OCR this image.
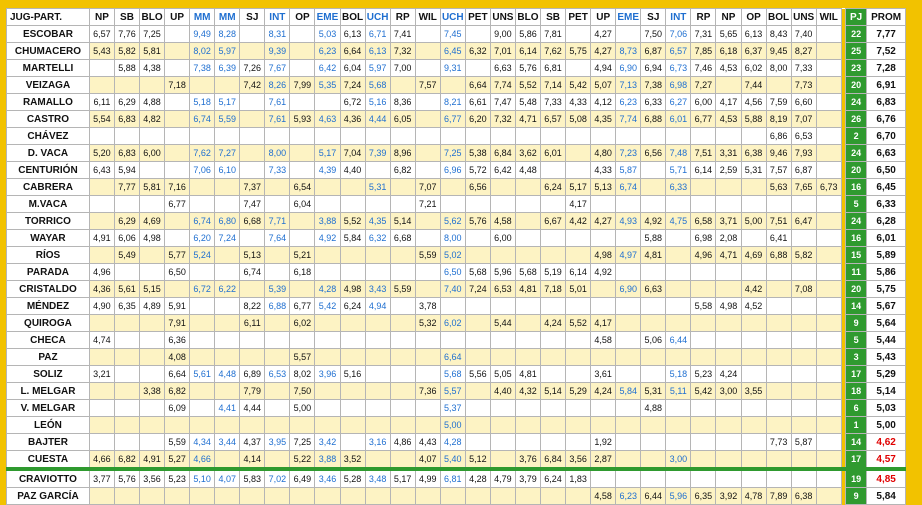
JUG-PART.	NP	SB	BLO	UP	MM	MM	SJ	INT	OP	EME	BOL	UCH	RP	WIL	UCH	PET	UNS	BLO	SB	PET	UP	EME	SJ	INT	RP	NP	OP	BOL	UNS	WIL		PJ	PROM
ESCOBAR	6,57	7,76	7,25		9,49	8,28		8,31		5,03	6,13	6,71	7,41		7,45		9,00	5,86	7,81		4,27		7,50	7,06	7,31	5,65	6,13	8,43	7,40			22	7,77
CHUMACERO	5,43	5,82	5,81		8,02	5,97		9,39		6,23	6,64	6,13	7,32		6,45	6,32	7,01	6,14	7,62	5,75	4,27	8,73	6,87	6,57	7,85	6,18	6,37	9,45	8,27			25	7,52
MARTELLI		5,88	4,38		7,38	6,39	7,26	7,67		6,42	6,04	5,97	7,00		9,31		6,63	5,76	6,81		4,94	6,90	6,94	6,73	7,46	4,53	6,02	8,00	7,33			23	7,28
VEIZAGA				7,18			7,42	8,26	7,99	5,35	7,24	5,68		7,57		6,64	7,74	5,52	7,14	5,42	5,07	7,13	7,38	6,98	7,27		7,44		7,73			20	6,91
RAMALLO	6,11	6,29	4,88		5,18	5,17		7,61			6,72	5,16	8,36		8,21	6,61	7,47	5,48	7,33	4,33	4,12	6,23	6,33	6,27	6,00	4,17	4,56	7,59	6,60			24	6,83
CASTRO	5,54	6,83	4,82		6,74	5,59		7,61	5,93	4,63	4,36	4,44	6,05		6,77	6,20	7,32	4,71	6,57	5,08	4,35	7,74	6,88	6,01	6,77	4,53	5,88	8,19	7,07			26	6,76
CHÁVEZ																												6,86	6,53			2	6,70
D. VACA	5,20	6,83	6,00		7,62	7,27		8,00		5,17	7,04	7,39	8,96		7,25	5,38	6,84	3,62	6,01		4,80	7,23	6,56	7,48	7,51	3,31	6,38	9,46	7,93			24	6,63
CENTURIÓN	6,43	5,94			7,06	6,10		7,33		4,39	4,40		6,82		6,96	5,72	6,42	4,48			4,33	5,87		5,71	6,14	2,59	5,31	7,57	6,87			20	6,50
CABRERA		7,77	5,81	7,16			7,37		6,54			5,31		7,07		6,56			6,24	5,17	5,13	6,74		6,33				5,63	7,65	6,73		16	6,45
M.VACA				6,77			7,47		6,04					7,21						4,17												5	6,33
TORRICO		6,29	4,69		6,74	6,80	6,68	7,71		3,88	5,52	4,35	5,14		5,62	5,76	4,58		6,67	4,42	4,27	4,93	4,92	4,75	6,58	3,71	5,00	7,51	6,47			24	6,28
WAYAR	4,91	6,06	4,98		6,20	7,24		7,64		4,92	5,84	6,32	6,68		8,00		6,00						5,88		6,98	2,08		6,41				16	6,01
RÍOS		5,49		5,77	5,24		5,13		5,21					5,59	5,02						4,98	4,97	4,81		4,96	4,71	4,69	6,88	5,82			15	5,89
PARADA	4,96			6,50			6,74		6,18						6,50	5,68	5,96	5,68	5,19	6,14	4,92											11	5,86
CRISTALDO	4,36	5,61	5,15		6,72	6,22		5,39		4,28	4,98	3,43	5,59		7,40	7,24	6,53	4,81	7,18	5,01		6,90	6,63				4,42		7,08			20	5,75
MÉNDEZ	4,90	6,35	4,89	5,91			8,22	6,88	6,77	5,42	6,24	4,94		3,78											5,58	4,98	4,52					14	5,67
QUIROGA				7,91			6,11		6,02					5,32	6,02		5,44		4,24	5,52	4,17											9	5,64
CHECA	4,74			6,36																	4,58		5,06	6,44								5	5,44
PAZ				4,08					5,57						6,64																	3	5,43
SOLIZ	3,21			6,64	5,61	4,48	6,89	6,53	8,02	3,96	5,16				5,68	5,56	5,05	4,81			3,61			5,18	5,23	4,24						17	5,29
L. MELGAR			3,38	6,82			7,79		7,50					7,36	5,57		4,40	4,32	5,14	5,29	4,24	5,84	5,31	5,11	5,42	3,00	3,55					18	5,14
V. MELGAR				6,09		4,41	4,44		5,00						5,37								4,88									6	5,03
LEÓN															5,00																	1	5,00
BAJTER				5,59	4,34	3,44	4,37	3,95	7,25	3,42		3,16	4,86	4,43	4,28						1,92							7,73	5,87			14	4,62
CUESTA	4,66	6,82	4,91	5,27	4,66		4,14		5,22	3,88	3,52			4,07	5,40	5,12		3,76	6,84	3,56	2,87			3,00								17	4,57

CRAVIOTTO	3,77	5,76	3,56	5,23	5,10	4,07	5,83	7,02	6,49	3,46	5,28	3,48	5,17	4,99	6,81	4,28	4,79	3,79	6,24	1,83												19	4,85
PAZ GARCÍA																					4,58	6,23	6,44	5,96	6,35	3,92	4,78	7,89	6,38			9	5,84
